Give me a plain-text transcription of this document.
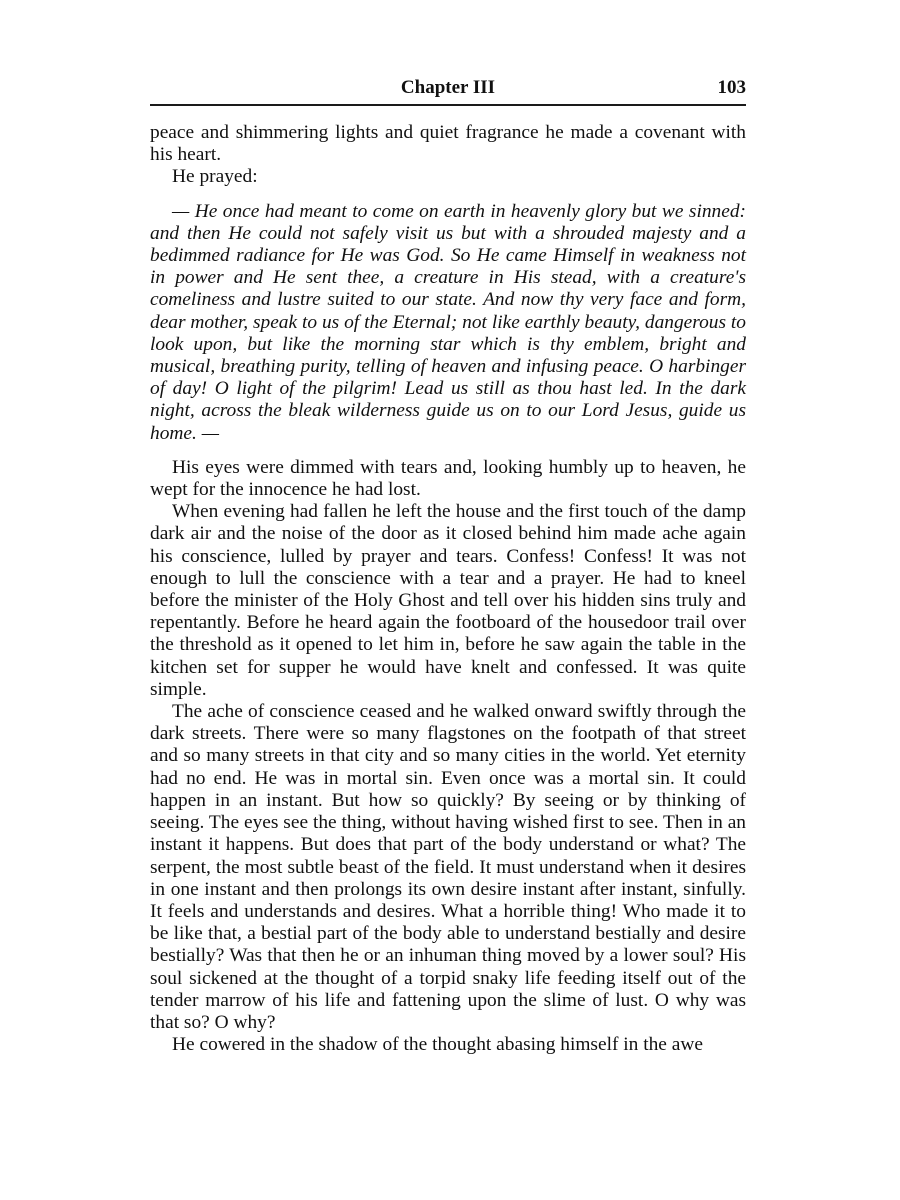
Chapter III	103

peace and shimmering lights and quiet fragrance he made a covenant with his heart.

He prayed:

— He once had meant to come on earth in heavenly glory but we sinned: and then He could not safely visit us but with a shrouded majesty and a bedimmed radiance for He was God. So He came Himself in weakness not in power and He sent thee, a creature in His stead, with a creature's comeliness and lustre suited to our state. And now thy very face and form, dear mother, speak to us of the Eternal; not like earthly beauty, dangerous to look upon, but like the morning star which is thy emblem, bright and musical, breathing purity, telling of heaven and infusing peace. O harbinger of day! O light of the pilgrim! Lead us still as thou hast led. In the dark night, across the bleak wilderness guide us on to our Lord Jesus, guide us home. —

His eyes were dimmed with tears and, looking humbly up to heaven, he wept for the innocence he had lost.

When evening had fallen he left the house and the first touch of the damp dark air and the noise of the door as it closed behind him made ache again his conscience, lulled by prayer and tears. Confess! Confess! It was not enough to lull the conscience with a tear and a prayer. He had to kneel before the minister of the Holy Ghost and tell over his hidden sins truly and repentantly. Before he heard again the footboard of the housedoor trail over the threshold as it opened to let him in, before he saw again the table in the kitchen set for supper he would have knelt and confessed. It was quite simple.

The ache of conscience ceased and he walked onward swiftly through the dark streets. There were so many flagstones on the footpath of that street and so many streets in that city and so many cities in the world. Yet eternity had no end. He was in mortal sin. Even once was a mortal sin. It could happen in an instant. But how so quickly? By seeing or by thinking of seeing. The eyes see the thing, without having wished first to see. Then in an instant it happens. But does that part of the body understand or what? The serpent, the most subtle beast of the field. It must understand when it desires in one instant and then prolongs its own desire instant after instant, sinfully. It feels and understands and desires. What a horrible thing! Who made it to be like that, a bestial part of the body able to understand bestially and desire bestially? Was that then he or an inhuman thing moved by a lower soul? His soul sickened at the thought of a torpid snaky life feeding itself out of the tender marrow of his life and fattening upon the slime of lust. O why was that so? O why?

He cowered in the shadow of the thought abasing himself in the awe
